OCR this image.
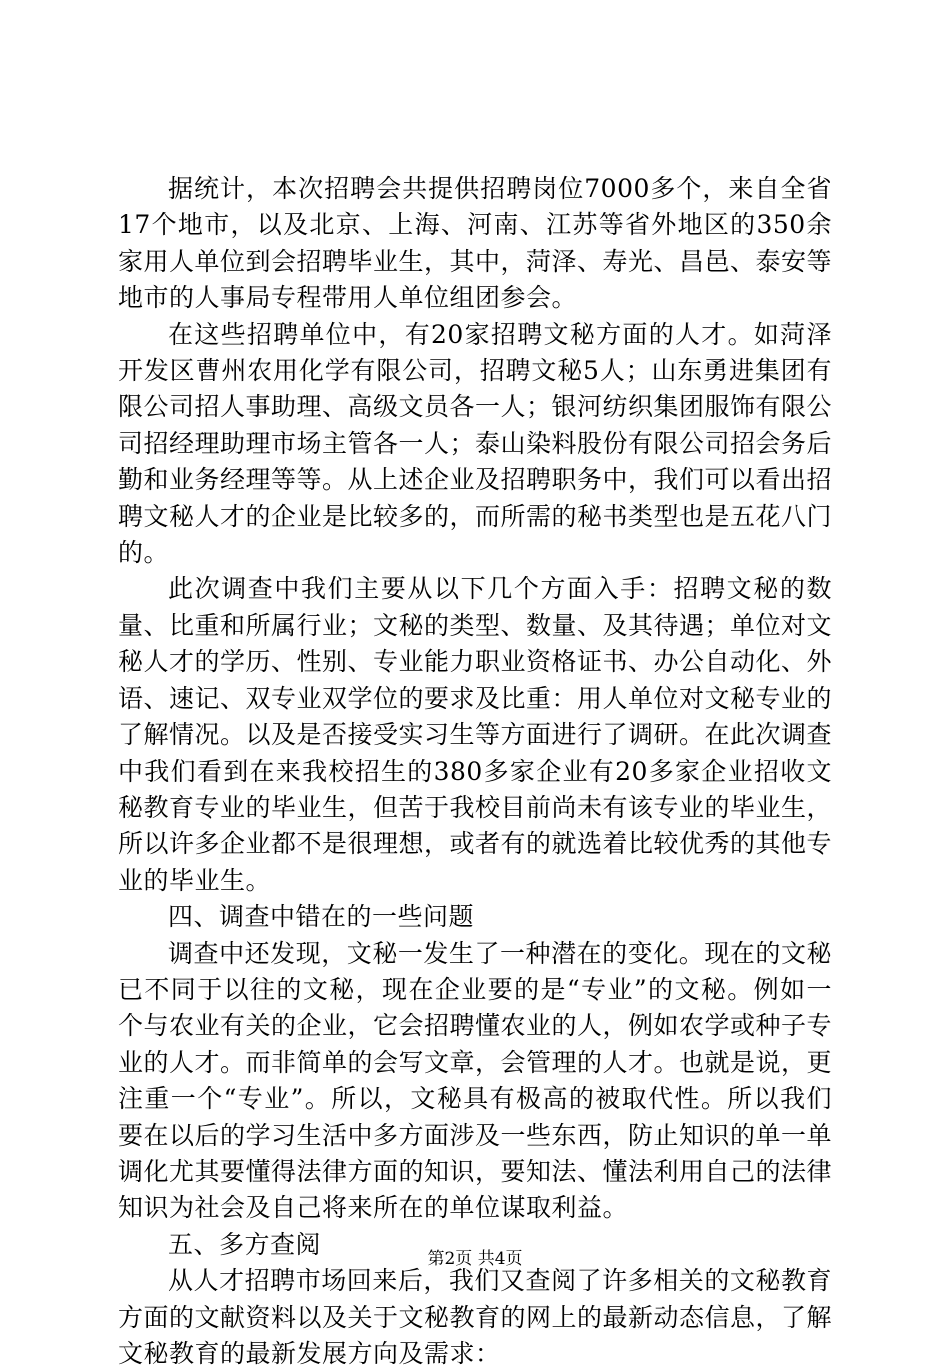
据统计，本次招聘会共提供招聘岗位7000多个，来自全省17个地市，以及北京、上海、河南、江苏等省外地区的350余家用人单位到会招聘毕业生，其中，菏泽、寿光、昌邑、泰安等地市的人事局专程带用人单位组团参会。

在这些招聘单位中，有20家招聘文秘方面的人才。如菏泽开发区曹州农用化学有限公司，招聘文秘5人；山东勇进集团有限公司招人事助理、高级文员各一人；银河纺织集团服饰有限公司招经理助理市场主管各一人；泰山染料股份有限公司招会务后勤和业务经理等等。从上述企业及招聘职务中，我们可以看出招聘文秘人才的企业是比较多的，而所需的秘书类型也是五花八门的。

此次调查中我们主要从以下几个方面入手：招聘文秘的数量、比重和所属行业；文秘的类型、数量、及其待遇；单位对文秘人才的学历、性别、专业能力职业资格证书、办公自动化、外语、速记、双专业双学位的要求及比重：用人单位对文秘专业的了解情况。以及是否接受实习生等方面进行了调研。在此次调查中我们看到在来我校招生的380多家企业有20多家企业招收文秘教育专业的毕业生，但苦于我校目前尚未有该专业的毕业生，所以许多企业都不是很理想，或者有的就选着比较优秀的其他专业的毕业生。

四、调查中错在的一些问题

调查中还发现，文秘一发生了一种潜在的变化。现在的文秘已不同于以往的文秘，现在企业要的是“专业”的文秘。例如一个与农业有关的企业，它会招聘懂农业的人，例如农学或种子专业的人才。而非简单的会写文章，会管理的人才。也就是说，更注重一个“专业”。所以，文秘具有极高的被取代性。所以我们要在以后的学习生活中多方面涉及一些东西，防止知识的单一单调化尤其要懂得法律方面的知识，要知法、懂法利用自己的法律知识为社会及自己将来所在的单位谋取利益。

五、多方查阅

从人才招聘市场回来后，我们又查阅了许多相关的文秘教育方面的文献资料以及关于文秘教育的网上的最新动态信息，了解文秘教育的最新发展方向及需求：

第2页 共4页
